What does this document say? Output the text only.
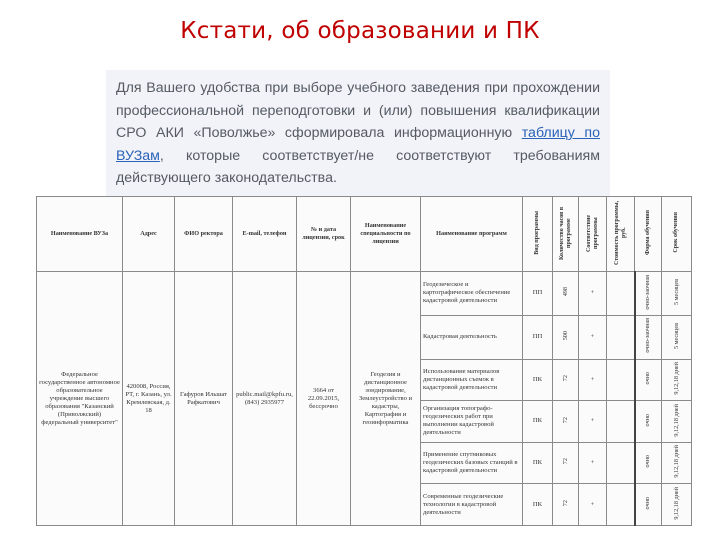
Кстати, об образовании и ПК
Для Вашего удобства при выборе учебного заведения при прохождении профессиональной переподготовки и (или) повышения квалификации СРО АКИ «Поволжье» сформировала информационную таблицу по ВУЗам, которые соответствует/не соответствуют требованиям действующего законодательства.
Наименование ВУЗа	Адрес	ФИО ректора	E-mail, телефон	№ и дата лицензии, срок	Наименование специальности по лицензии	Наименование программ	Вид программы	Количество часов в программе	Соответствие программы	Стоимость программы, руб.	Форма обучения	Срок обучения
Федеральное государственное автономное образовательное учреждение высшего образования "Казанский (Приволжский) федеральный университет"	420008, Россия, РТ, г. Казань, ул. Кремлевская, д. 18	Гафуров Ильшат Рафкатович	public.mail@kpfu.ru, (843) 2935977	3664 от 22.09.2015, бессрочно	Геодезия и дистанционное зондирование,
Землеустройство и кадастры,
Картография и геоинформатика	Геодезическое и картографическое обеспечение кадастровой деятельности	ПП	498	+		очно-заочная	5 месяцев
						Кадастровая деятельность	ПП	500	+		очно-заочная	5 месяцев
						Использование материалов дистанционных съемок в кадастровой деятельности	ПК	72	+		очно	9,12,18 дней
						Организация топографо-геодезических работ при выполнении кадастровой деятельности	ПК	72	+		очно	9,12,18 дней
						Применение спутниковых геодезических базовых станций в кадастровой деятельности	ПК	72	+		очно	9,12,18 дней
						Современные геодезические технологии в кадастровой деятельности	ПК	72	+		очно	9,12,18 дней
